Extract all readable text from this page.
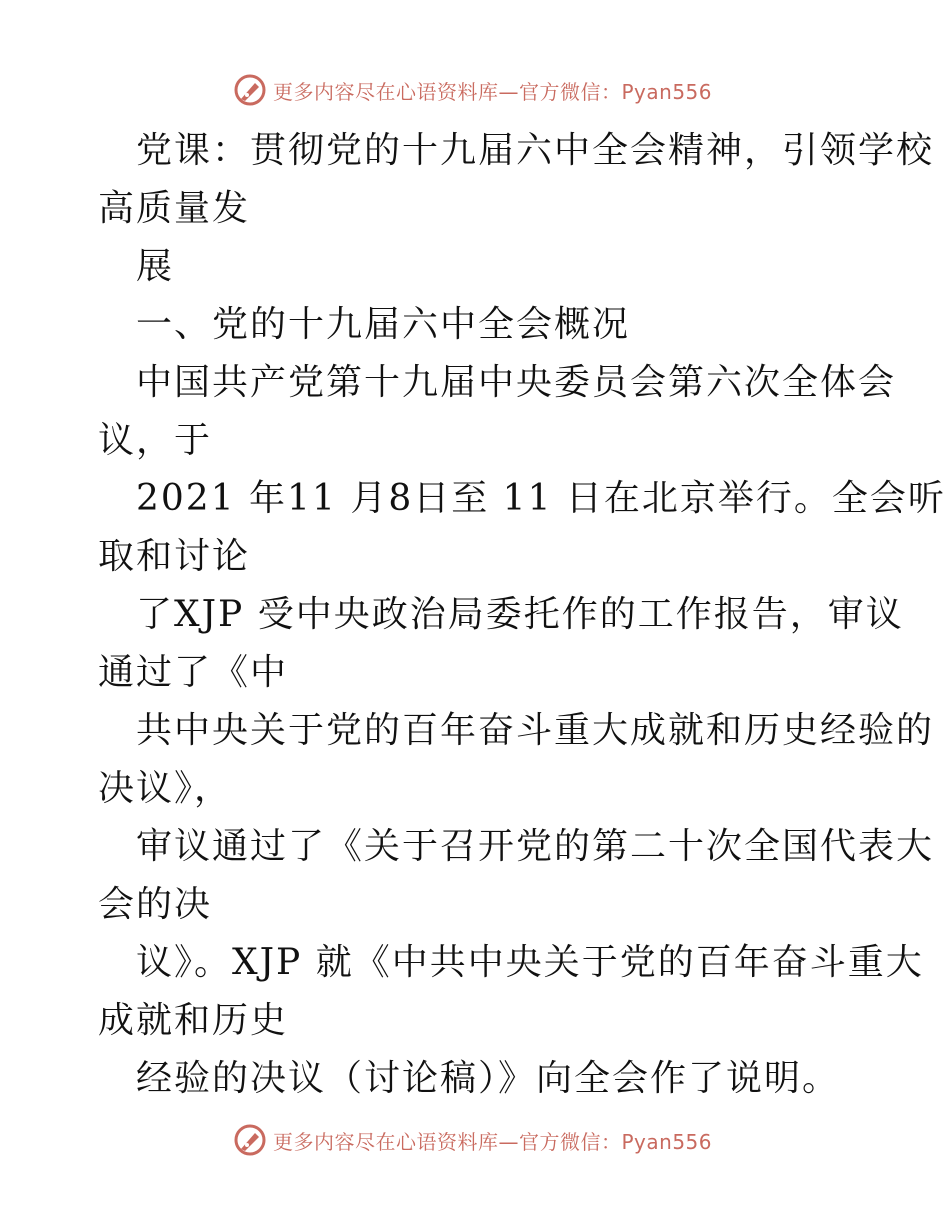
更多内容尽在心语资料库—官方微信：Pyan556
党课：贯彻党的十九届六中全会精神，引领学校
高质量发
展
一、党的十九届六中全会概况
中国共产党第十九届中央委员会第六次全体会
议，于
2021 年11 月8日至 11 日在北京举行。全会听
取和讨论
了XJP 受中央政治局委托作的工作报告，审议
通过了《中
共中央关于党的百年奋斗重大成就和历史经验的
决议》，
审议通过了《关于召开党的第二十次全国代表大
会的决
议》。XJP 就《中共中央关于党的百年奋斗重大
成就和历史
经验的决议（讨论稿）》向全会作了说明。
更多内容尽在心语资料库—官方微信：Pyan556
